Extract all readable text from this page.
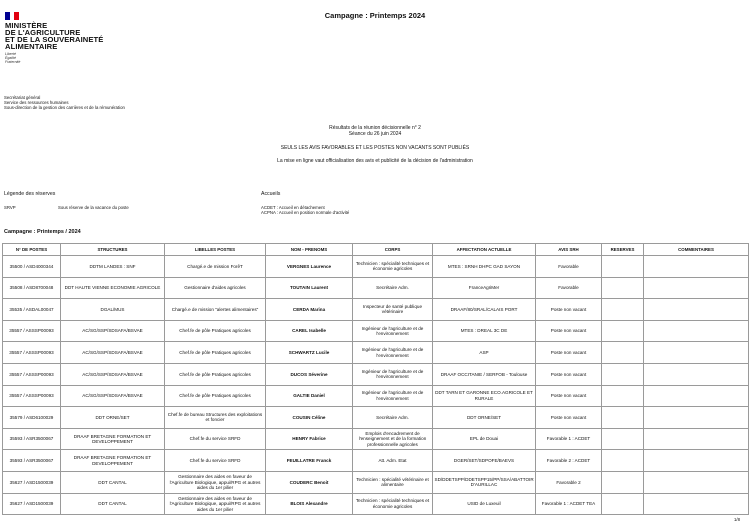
Campagne : Printemps 2024
MINISTÈRE
DE L'AGRICULTURE
ET DE LA SOUVERAINETÉ
ALIMENTAIRE
Liberté
Égalité
Fraternité
Secrétariat général
Service des ressources humaines
Sous-direction de la gestion des carrières et de la rémunération
Résultats de la réunion décisionnelle n° 2
Séance du 26 juin 2024
SEULS LES AVIS FAVORABLES ET LES POSTES NON VACANTS SONT PUBLIÉS
La mise en ligne vaut officialisation des avis et publicité de la décision de l'administration
Légende des réserves
SRVP	Sous réserve de la vacance du poste
Accueils
ACDET : Accueil en détachement
ACPNA : Accueil en position normale d'activité
Campagne : Printemps / 2024
N° DE POSTES	STRUCTURES	LIBELLES POSTES	NOM - PRENOMS	CORPS	AFFECTATION ACTUELLE	AVIS SRH	RESERVES	COMMENTAIRES
35500 / ASD4000344	DDTM LANDES : SNF	Chargé.e de mission ForêT	VERGNES Laurence	Technicien : spécialité techniques et économie agricoles	MTES : SRNH DHPC GAD SAYON	Favorable		
35508 / ASD8700048	DDT HAUTE VIENNE ECONOMIE AGRICOLE	Gestionnaire d'aides agricoles	TOUTAIN Laurent	Secrétaire Adm.	FranceAgriMer	Favorable		
35535 / ASDAL00047	DGAL/MUS	Chargé.e de mission "alertes alimentaires"	CERDA Marina	Inspecteur de santé publique vétérinaire	DRAAF/80/SRAL/CALAIS PORT	Poste non vacant		
35557 / ASSSP00093	AC/SG/SSP/SDSAFA/BSVAE	Chef.fe de pôle Pratiques agricoles	CAREL Isabelle	Ingénieur de l'agriculture et de l'environnement	MTES : DREAL 3C DE	Poste non vacant		
35557 / ASSSP00093	AC/SG/SSP/SDSAFA/BSVAE	Chef.fe de pôle Pratiques agricoles	SCHWARTZ Lucile	Ingénieur de l'agriculture et de l'environnement	ASP	Poste non vacant		
35557 / ASSSP00093	AC/SG/SSP/SDSAFA/BSVAE	Chef.fe de pôle Pratiques agricoles	DUCOS Séverine	Ingénieur de l'agriculture et de l'environnement	DRAAF OCCITANIE / SERFOB - Toulouse	Poste non vacant		
35557 / ASSSP00093	AC/SG/SSP/SDSAFA/BSVAE	Chef.fe de pôle Pratiques agricoles	GALTIE Daniel	Ingénieur de l'agriculture et de l'environnement	DDT TARN ET GARONNE ECO.AGRICOLE ET RURALE	Poste non vacant		
35579 / ASD6100029	DDT ORNE/SET	Chef.fe de bureau Structures des exploitations et foncier	COUSIN Céline	Secrétaire Adm.	DDT ORNE/SET	Poste non vacant		
35593 / ASR3500067	DRAAF BRETAGNE FORMATION ET DEVELOPPEMENT	Chef.fe du service SRFD	HENRY Fabrice	Emplois d'encadrement de l'enseignement et de la formation professionnelle agricoles	EPL de Douai	Favorable 1 : ACDET		
35593 / ASR3500067	DRAAF BRETAGNE FORMATION ET DEVELOPPEMENT	Chef.fe du service SRFD	FEUILLATRE Franck	Att. Adm. Etat	DGER/SET/SDPOFE/BAEVS	Favorable 2 : ACDET		
35627 / ASD1500039	DDT CANTAL	Gestionnaire des aides en faveur de l'Agriculture Biologique, appui/RPG et autres aides du 1er pilier	COUDERC Benoit	Technicien : spécialité vétérinaire et alimentaire	SD/DDETSPP/DDETSPP15/PP/SSA/ABATTOIR D'AURILLAC	Favorable 2		
35627 / ASD1500039	DDT CANTAL	Gestionnaire des aides en faveur de l'Agriculture Biologique, appui/RPG et autres aides du 1er pilier	BLOIS Alexandre	Technicien : spécialité techniques et économie agricoles	USID de Luxeuil	Favorable 1 : ACDET TEA		
1/8
